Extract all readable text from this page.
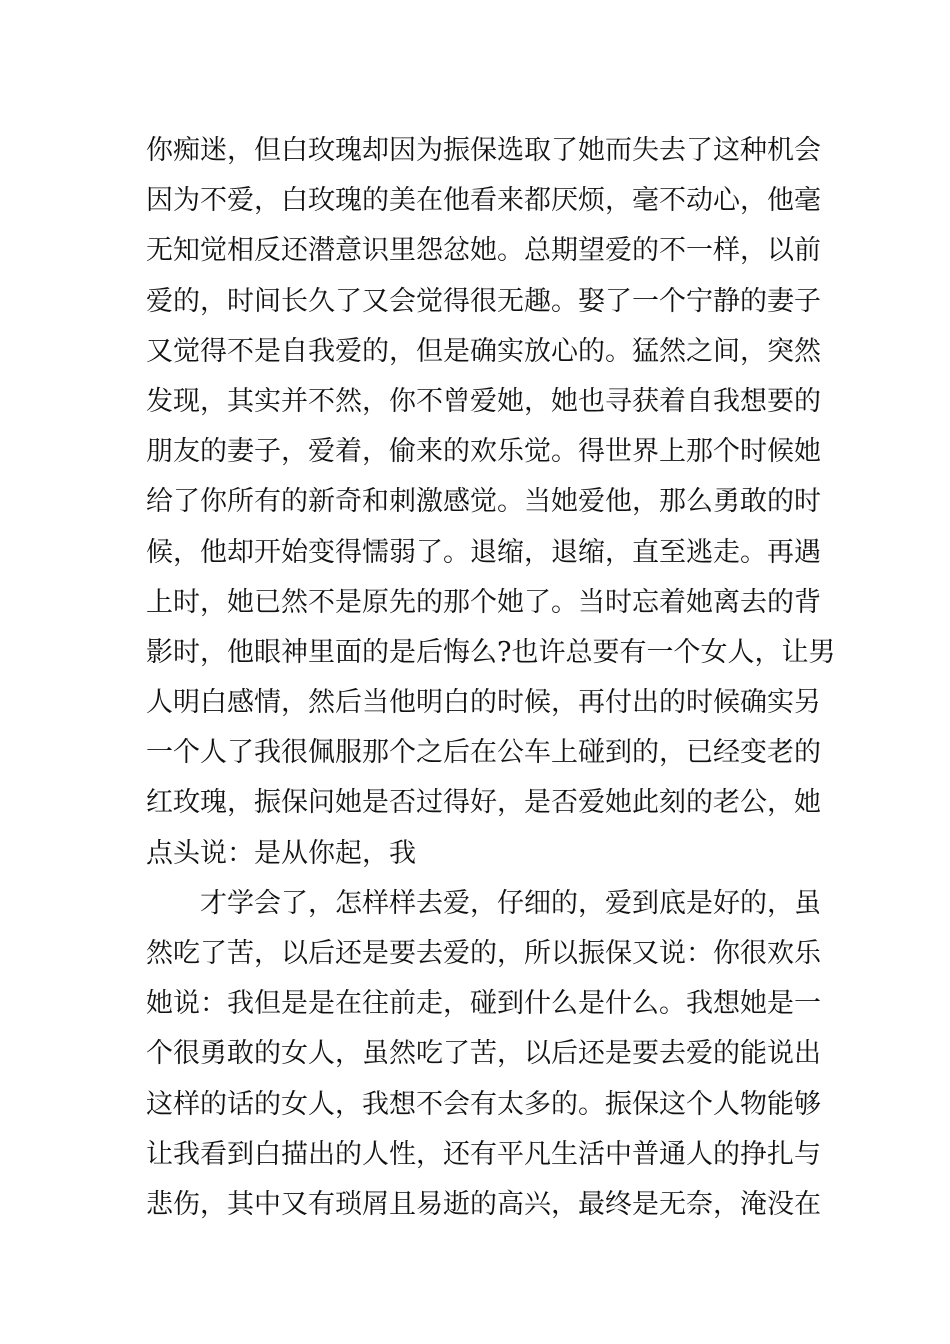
你痴迷，但白玫瑰却因为振保选取了她而失去了这种机会
因为不爱，白玫瑰的美在他看来都厌烦，毫不动心，他毫
无知觉相反还潜意识里怨忿她。总期望爱的不一样，以前
爱的，时间长久了又会觉得很无趣。娶了一个宁静的妻子
又觉得不是自我爱的，但是确实放心的。猛然之间，突然
发现，其实并不然，你不曾爱她，她也寻获着自我想要的
朋友的妻子，爱着，偷来的欢乐觉。得世界上那个时候她
给了你所有的新奇和刺激感觉。当她爱他，那么勇敢的时
候，他却开始变得懦弱了。退缩，退缩，直至逃走。再遇
上时，她已然不是原先的那个她了。当时忘着她离去的背
影时，他眼神里面的是后悔么?也许总要有一个女人，让男
人明白感情，然后当他明白的时候，再付出的时候确实另
一个人了我很佩服那个之后在公车上碰到的，已经变老的
红玫瑰，振保问她是否过得好，是否爱她此刻的老公，她
点头说：是从你起，我
才学会了，怎样样去爱，仔细的，爱到底是好的，虽
然吃了苦，以后还是要去爱的，所以振保又说：你很欢乐
她说：我但是是在往前走，碰到什么是什么。我想她是一
个很勇敢的女人，虽然吃了苦，以后还是要去爱的能说出
这样的话的女人，我想不会有太多的。振保这个人物能够
让我看到白描出的人性，还有平凡生活中普通人的挣扎与
悲伤，其中又有琐屑且易逝的高兴，最终是无奈，淹没在
